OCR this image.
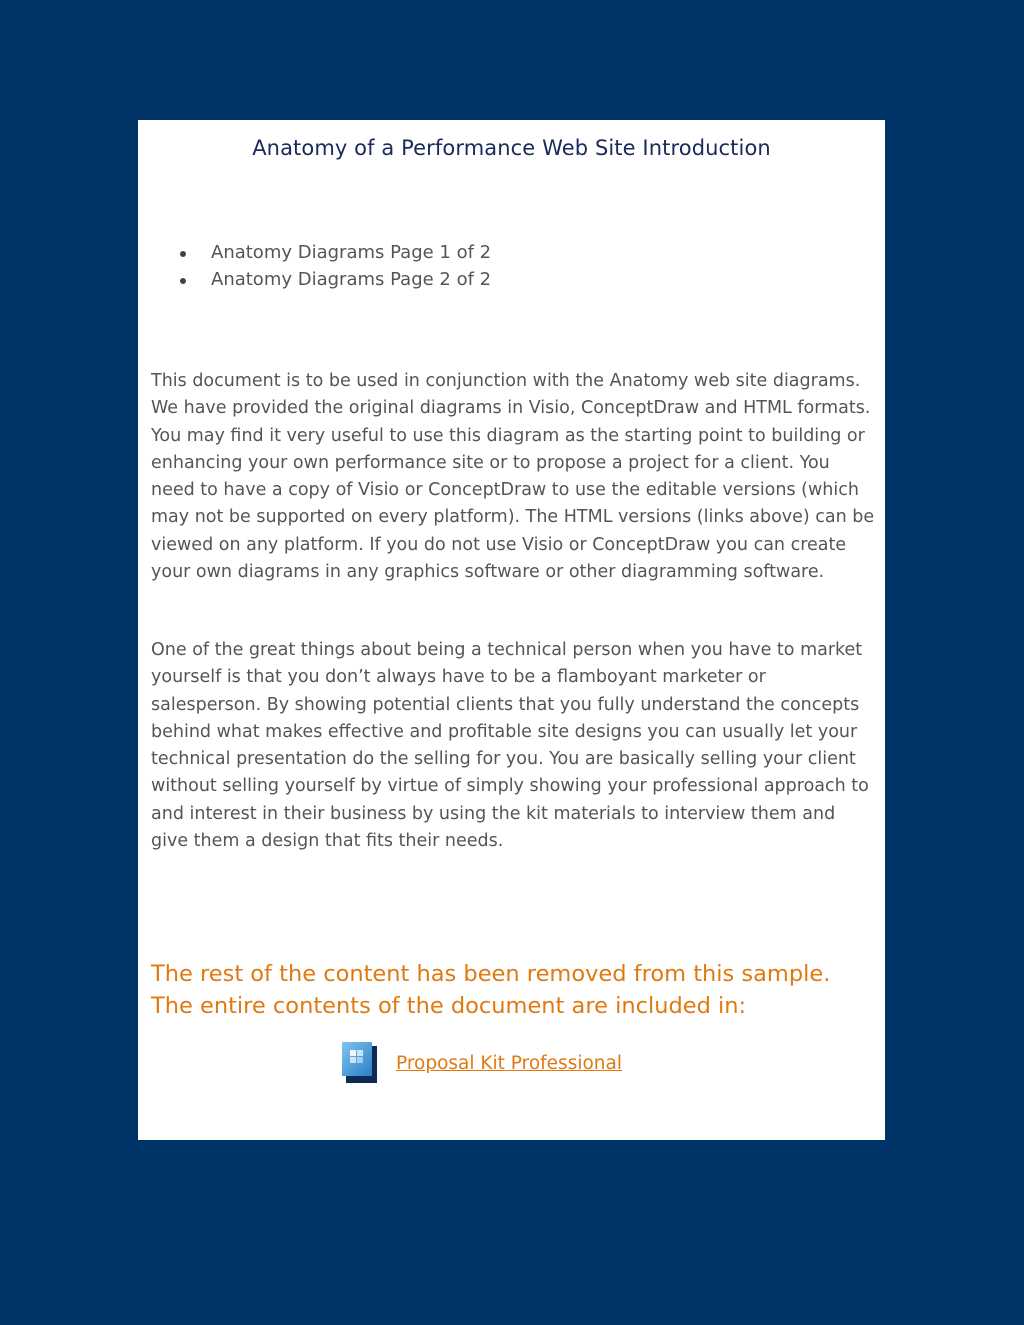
Anatomy of a Performance Web Site Introduction
Anatomy Diagrams Page 1 of 2
Anatomy Diagrams Page 2 of 2

This document is to be used in conjunction with the Anatomy web site diagrams. We have provided the original diagrams in Visio, ConceptDraw and HTML formats. You may find it very useful to use this diagram as the starting point to building or enhancing your own performance site or to propose a project for a client. You need to have a copy of Visio or ConceptDraw to use the editable versions (which may not be supported on every platform). The HTML versions (links above) can be viewed on any platform. If you do not use Visio or ConceptDraw you can create your own diagrams in any graphics software or other diagramming software.

One of the great things about being a technical person when you have to market yourself is that you don’t always have to be a flamboyant marketer or salesperson. By showing potential clients that you fully understand the concepts behind what makes effective and profitable site designs you can usually let your technical presentation do the selling for you. You are basically selling your client without selling yourself by virtue of simply showing your professional approach to and interest in their business by using the kit materials to interview them and give them a design that fits their needs.

The rest of the content has been removed from this sample. The entire contents of the document are included in:

Proposal Kit Professional
